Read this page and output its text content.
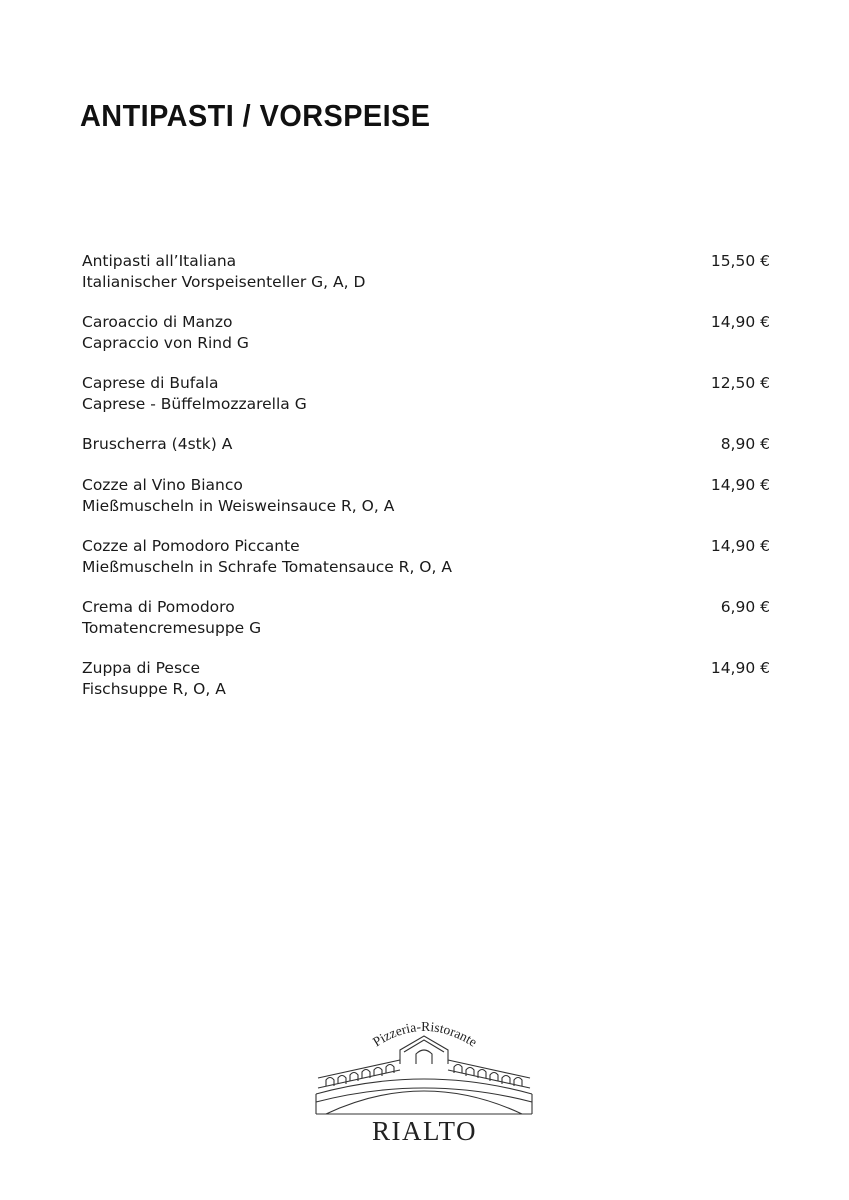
ANTIPASTI / VORSPEISE
Antipasti all’Italiana
Italianischer Vorspeisenteller G, A, D
15,50 €
Caroaccio di Manzo
Capraccio von Rind G
14,90 €
Caprese di Bufala
Caprese - Büffelmozzarella G
12,50 €
Bruscherra (4stk) A	8,90 €
Cozze al Vino Bianco
Mießmuscheln in Weisweinsauce R, O, A
14,90 €
Cozze al Pomodoro Piccante
Mießmuscheln in Schrafe Tomatensauce R, O, A
14,90 €
Crema di Pomodoro
Tomatencremesuppe G
6,90 €
Zuppa di Pesce
Fischsuppe R, O, A
14,90 €
Pizzeria-Ristorante
RIALTO
